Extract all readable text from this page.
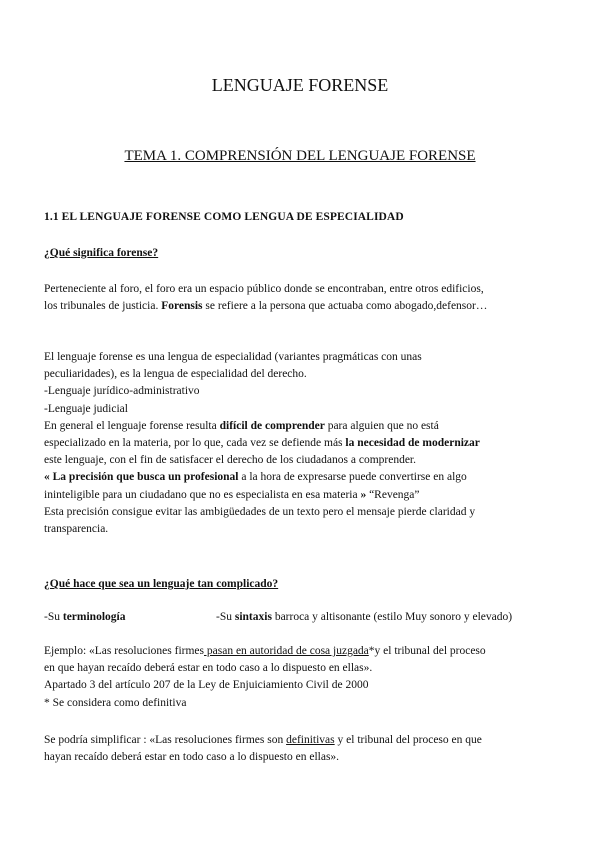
LENGUAJE FORENSE
TEMA 1. COMPRENSIÓN DEL LENGUAJE FORENSE
1.1 EL LENGUAJE FORENSE COMO LENGUA DE ESPECIALIDAD
¿Qué significa forense?
Perteneciente al foro, el foro era un espacio público donde se encontraban, entre otros edificios,
los tribunales de justicia. Forensis se refiere a la persona que actuaba como abogado,defensor…
El lenguaje forense es una lengua de especialidad (variantes pragmáticas con unas
peculiaridades), es la lengua de especialidad del derecho.
-Lenguaje jurídico-administrativo
-Lenguaje judicial
En general el lenguaje forense resulta difícil de comprender para alguien que no está
especializado en la materia, por lo que, cada vez se defiende más la necesidad de modernizar
este lenguaje, con el fin de satisfacer el derecho de los ciudadanos a comprender.
« La precisión que busca un profesional a la hora de expresarse puede convertirse en algo
ininteligible para un ciudadano que no es especialista en esa materia » “Revenga”
Esta precisión consigue evitar las ambigüedades de un texto pero el mensaje pierde claridad y
transparencia.
¿Qué hace que sea un lenguaje tan complicado?
-Su terminología	-Su sintaxis barroca y altisonante (estilo Muy sonoro y elevado)
Ejemplo: «Las resoluciones firmes pasan en autoridad de cosa juzgada*y el tribunal del proceso
en que hayan recaído deberá estar en todo caso a lo dispuesto en ellas».
Apartado 3 del artículo 207 de la Ley de Enjuiciamiento Civil de 2000
* Se considera como definitiva
Se podría simplificar : «Las resoluciones firmes son definitivas y el tribunal del proceso en que
hayan recaído deberá estar en todo caso a lo dispuesto en ellas».
